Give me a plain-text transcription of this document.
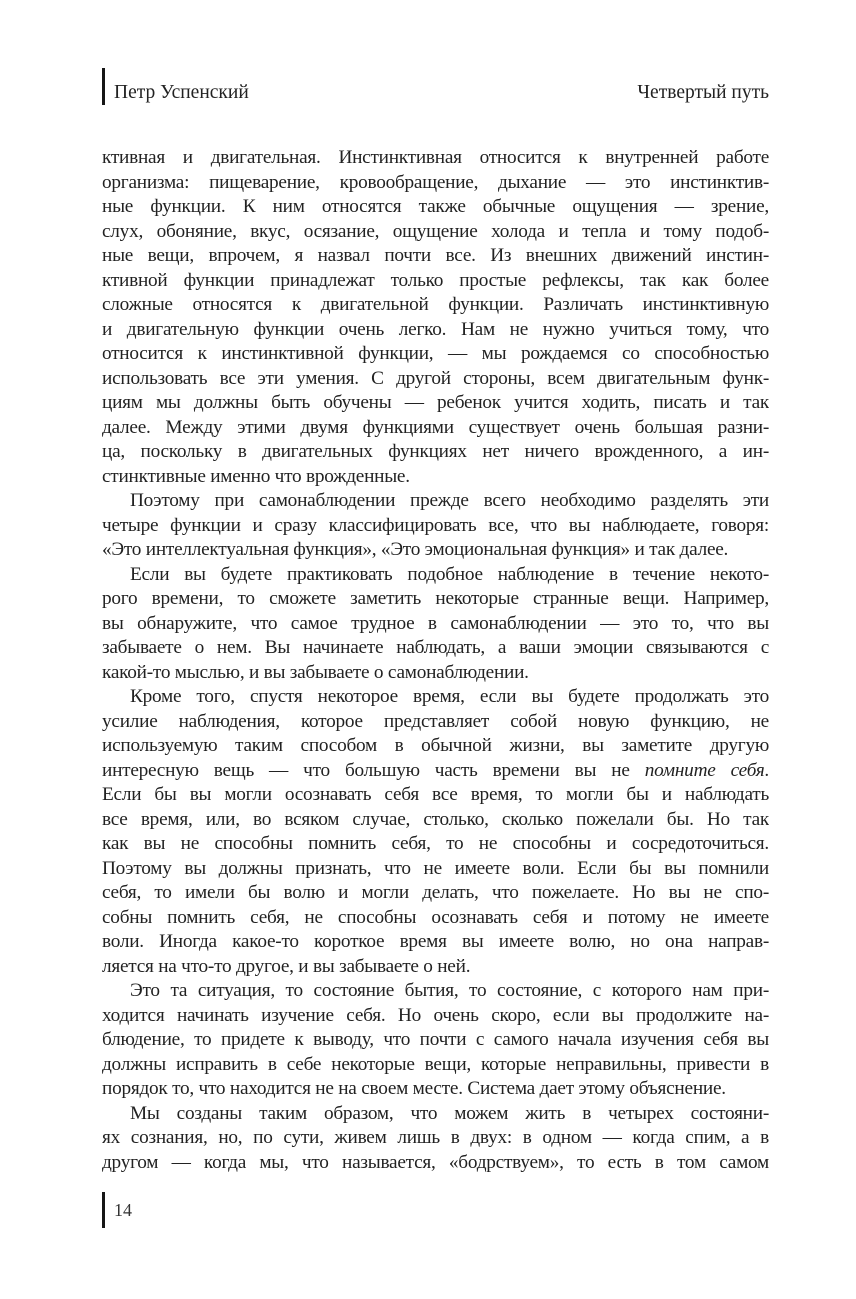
Петр Успенский	Четвертый путь
ктивная и двигательная. Инстинктивная относится к внутренней работе
организма: пищеварение, кровообращение, дыхание — это инстинктив-
ные функции. К ним относятся также обычные ощущения — зрение,
слух, обоняние, вкус, осязание, ощущение холода и тепла и тому подоб-
ные вещи, впрочем, я назвал почти все. Из внешних движений инстин-
ктивной функции принадлежат только простые рефлексы, так как более
сложные относятся к двигательной функции. Различать инстинктивную
и двигательную функции очень легко. Нам не нужно учиться тому, что
относится к инстинктивной функции, — мы рождаемся со способностью
использовать все эти умения. С другой стороны, всем двигательным функ-
циям мы должны быть обучены — ребенок учится ходить, писать и так
далее. Между этими двумя функциями существует очень большая разни-
ца, поскольку в двигательных функциях нет ничего врожденного, а ин-
стинктивные именно что врожденные.
Поэтому при самонаблюдении прежде всего необходимо разделять эти
четыре функции и сразу классифицировать все, что вы наблюдаете, говоря:
«Это интеллектуальная функция», «Это эмоциональная функция» и так далее.
Если вы будете практиковать подобное наблюдение в течение некото-
рого времени, то сможете заметить некоторые странные вещи. Например,
вы обнаружите, что самое трудное в самонаблюдении — это то, что вы
забываете о нем. Вы начинаете наблюдать, а ваши эмоции связываются с
какой-то мыслью, и вы забываете о самонаблюдении.
Кроме того, спустя некоторое время, если вы будете продолжать это
усилие наблюдения, которое представляет собой новую функцию, не
используемую таким способом в обычной жизни, вы заметите другую
интересную вещь — что большую часть времени вы не помните себя.
Если бы вы могли осознавать себя все время, то могли бы и наблюдать
все время, или, во всяком случае, столько, сколько пожелали бы. Но так
как вы не способны помнить себя, то не способны и сосредоточиться.
Поэтому вы должны признать, что не имеете воли. Если бы вы помнили
себя, то имели бы волю и могли делать, что пожелаете. Но вы не спо-
собны помнить себя, не способны осознавать себя и потому не имеете
воли. Иногда какое-то короткое время вы имеете волю, но она направ-
ляется на что-то другое, и вы забываете о ней.
Это та ситуация, то состояние бытия, то состояние, с которого нам при-
ходится начинать изучение себя. Но очень скоро, если вы продолжите на-
блюдение, то придете к выводу, что почти с самого начала изучения себя вы
должны исправить в себе некоторые вещи, которые неправильны, привести в
порядок то, что находится не на своем месте. Система дает этому объяснение.
Мы созданы таким образом, что можем жить в четырех состояни-
ях сознания, но, по сути, живем лишь в двух: в одном — когда спим, а в
другом — когда мы, что называется, «бодрствуем», то есть в том самом
14
